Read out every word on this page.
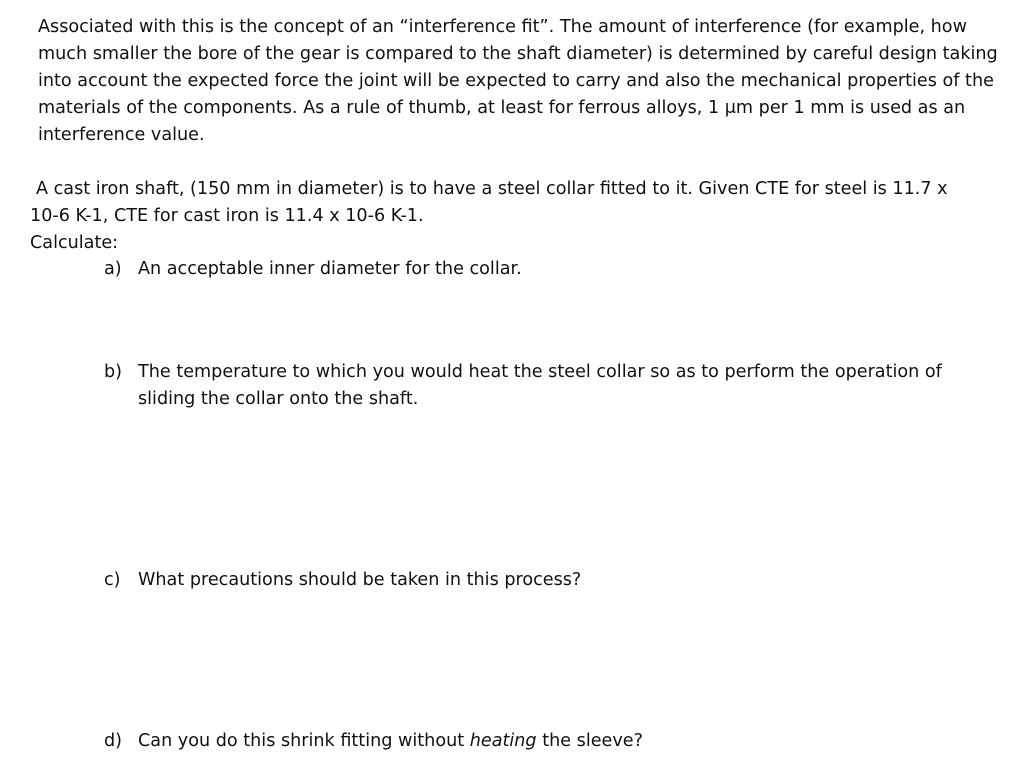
Associated with this is the concept of an “interference fit”. The amount of interference (for example, how much smaller the bore of the gear is compared to the shaft diameter) is determined by careful design taking into account the expected force the joint will be expected to carry and also the mechanical properties of the materials of the components. As a rule of thumb, at least for ferrous alloys, 1 μm per 1 mm is used as an interference value.

A cast iron shaft, (150 mm in diameter) is to have a steel collar fitted to it. Given CTE for steel is 11.7 x 10-6 K-1, CTE for cast iron is 11.4 x 10-6 K-1.

Calculate:

a) An acceptable inner diameter for the collar.
b) The temperature to which you would heat the steel collar so as to perform the operation of sliding the collar onto the shaft.
c) What precautions should be taken in this process?
d) Can you do this shrink fitting without heating the sleeve?
